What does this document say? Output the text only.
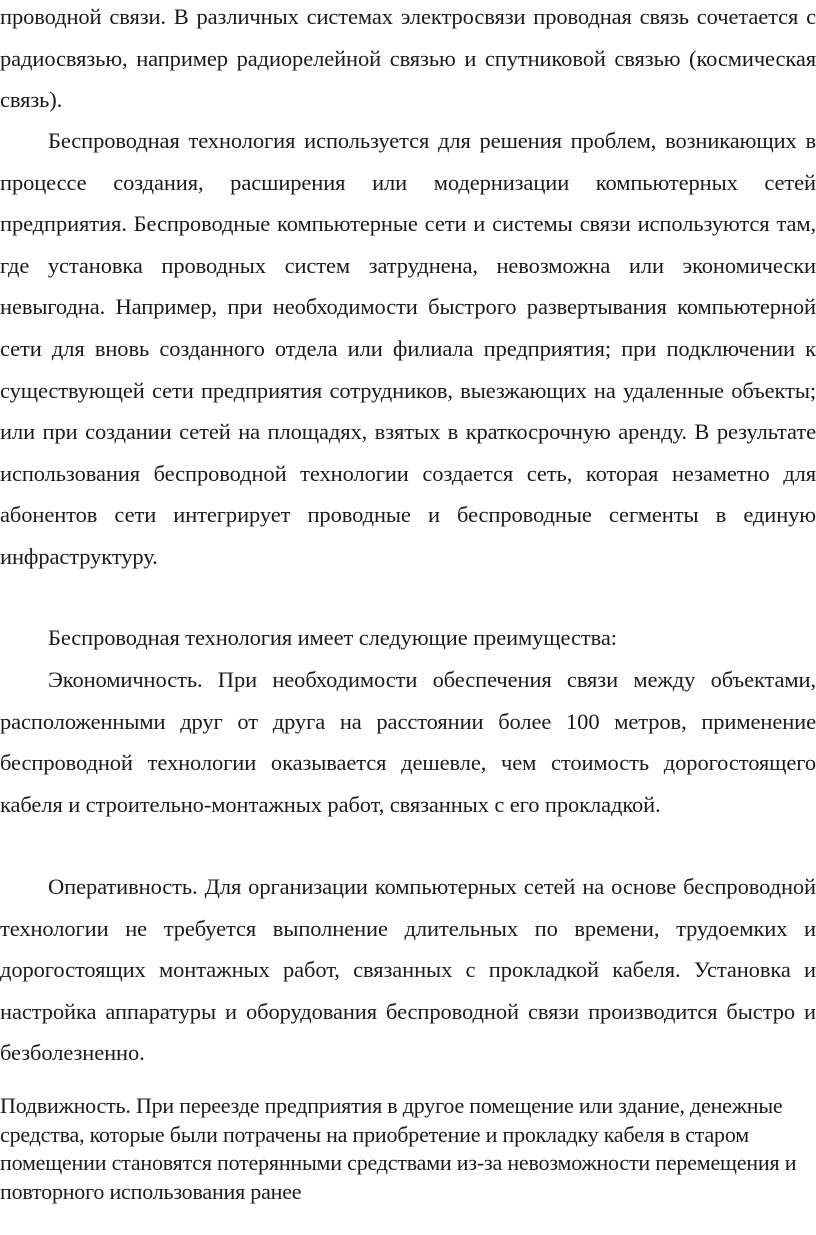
проводной связи. В различных системах электросвязи проводная связь сочетается с радиосвязью, например радиорелейной связью и спутниковой связью (космическая связь).

Беспроводная технология используется для решения проблем, возникающих в процессе создания, расширения или модернизации компьютерных сетей предприятия. Беспроводные компьютерные сети и системы связи используются там, где установка проводных систем затруднена, невозможна или экономически невыгодна. Например, при необходимости быстрого развертывания компьютерной сети для вновь созданного отдела или филиала предприятия; при подключении к существующей сети предприятия сотрудников, выезжающих на удаленные объекты; или при создании сетей на площадях, взятых в краткосрочную аренду. В результате использования беспроводной технологии создается сеть, которая незаметно для абонентов сети интегрирует проводные и беспроводные сегменты в единую инфраструктуру.

Беспроводная технология имеет следующие преимущества:

Экономичность. При необходимости обеспечения связи между объектами, расположенными друг от друга на расстоянии более 100 метров, применение беспроводной технологии оказывается дешевле, чем стоимость дорогостоящего кабеля и строительно-монтажных работ, связанных с его прокладкой.

Оперативность. Для организации компьютерных сетей на основе беспроводной технологии не требуется выполнение длительных по времени, трудоемких и дорогостоящих монтажных работ, связанных с прокладкой кабеля. Установка и настройка аппаратуры и оборудования беспроводной связи производится быстро и безболезненно.

Подвижность. При переезде предприятия в другое помещение или здание, денежные средства, которые были потрачены на приобретение и прокладку кабеля в старом помещении становятся потерянными средствами из-за невозможности перемещения и повторного использования ранее
